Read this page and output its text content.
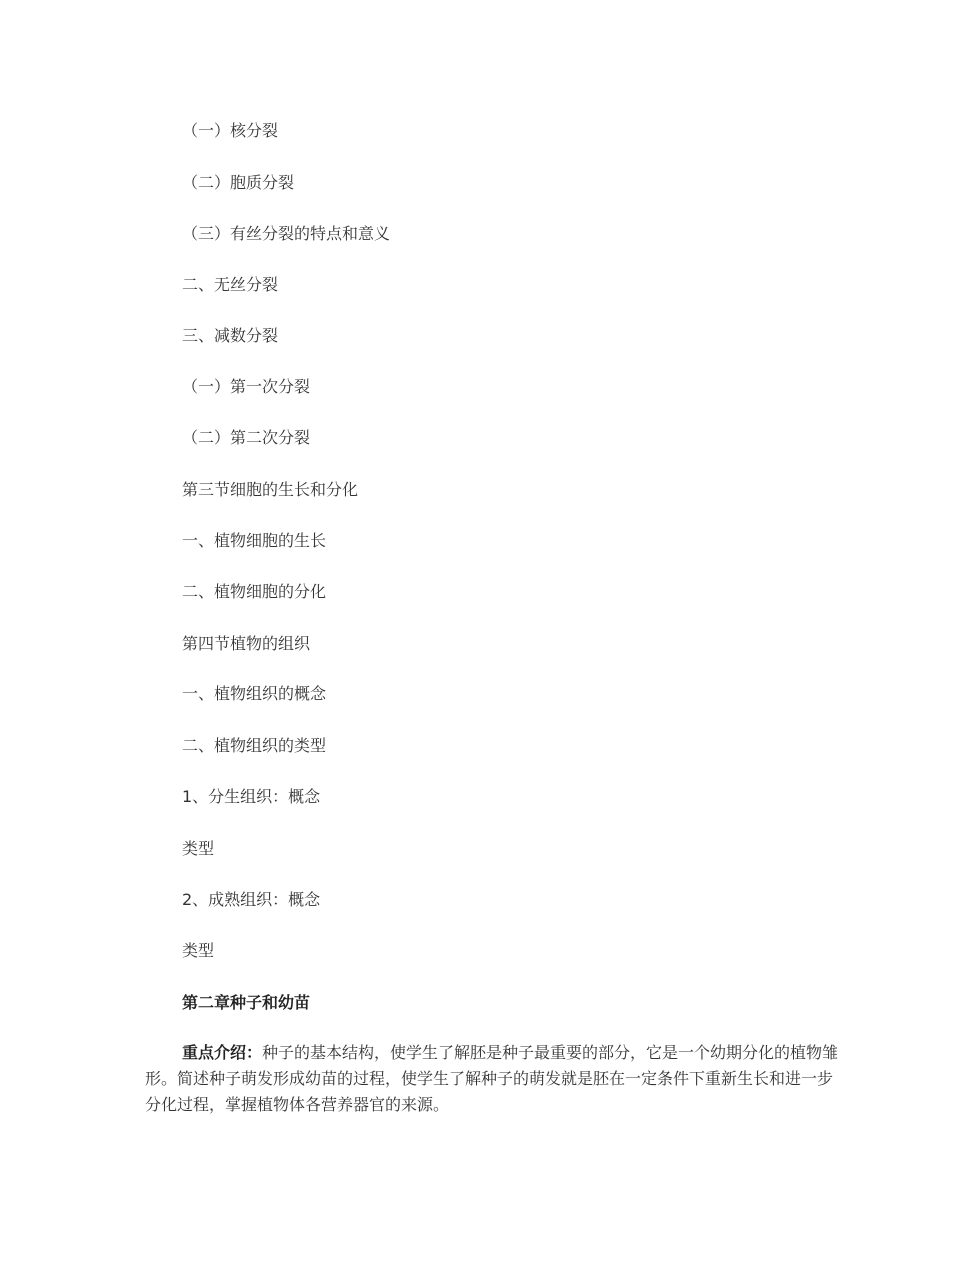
（一）核分裂
（二）胞质分裂
（三）有丝分裂的特点和意义
二、无丝分裂
三、减数分裂
（一）第一次分裂
（二）第二次分裂
第三节细胞的生长和分化
一、植物细胞的生长
二、植物细胞的分化
第四节植物的组织
一、植物组织的概念
二、植物组织的类型
1、分生组织：概念
类型
2、成熟组织：概念
类型
第二章种子和幼苗
重点介绍：种子的基本结构，使学生了解胚是种子最重要的部分，它是一个幼期分化的植物雏形。简述种子萌发形成幼苗的过程，使学生了解种子的萌发就是胚在一定条件下重新生长和进一步分化过程，掌握植物体各营养器官的来源。
